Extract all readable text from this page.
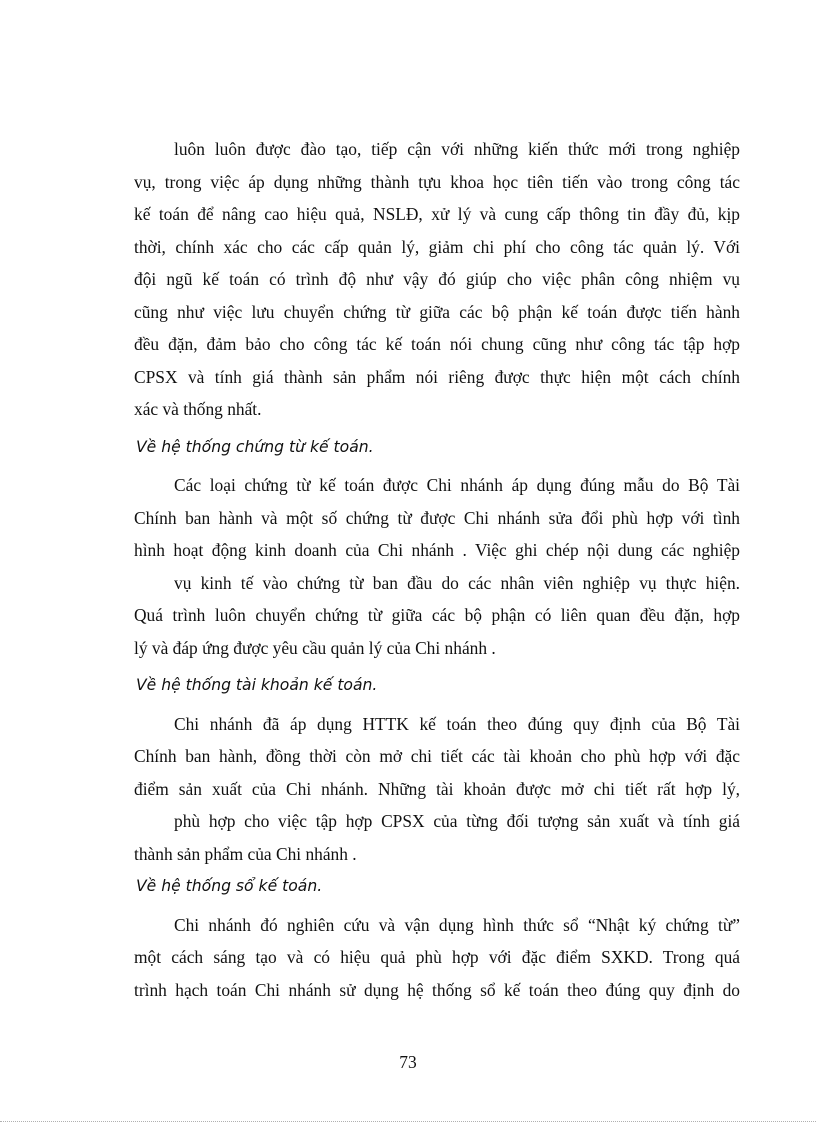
luôn luôn được đào tạo, tiếp cận với những kiến thức mới trong nghiệp
vụ, trong việc áp dụng những thành tựu khoa học tiên tiến vào trong công tác
kế toán để nâng cao hiệu quả, NSLĐ, xử lý và cung cấp thông tin đầy đủ, kịp
thời, chính xác cho các cấp quản lý, giảm chi phí cho công tác quản lý. Với
đội ngũ kế toán có trình độ như vậy đó giúp cho việc phân công nhiệm vụ
cũng như việc lưu chuyển chứng từ giữa các bộ phận kế toán được tiến hành
đều đặn, đảm bảo cho công tác kế toán nói chung cũng như công tác tập hợp
CPSX và tính giá thành sản phẩm nói riêng được thực hiện một cách chính
xác và thống nhất.
Về hệ thống chứng từ kế toán.
Các loại chứng từ kế toán được Chi nhánh áp dụng đúng mẫu do Bộ Tài
Chính ban hành và một số chứng từ được Chi nhánh sửa đổi phù hợp với tình
hình hoạt động kinh doanh của Chi nhánh . Việc ghi chép nội dung các nghiệp
vụ kinh tế vào chứng từ ban đầu do các nhân viên nghiệp vụ thực hiện.
Quá trình luôn chuyển chứng từ giữa các bộ phận có liên quan đều đặn, hợp
lý và đáp ứng được yêu cầu quản lý của Chi nhánh .
Về hệ thống tài khoản kế toán.
Chi nhánh đã áp dụng HTTK kế toán theo đúng quy định của Bộ Tài
Chính ban hành, đồng thời còn mở chi tiết các tài khoản cho phù hợp với đặc
điểm sản xuất của Chi nhánh. Những tài khoản được mở chi tiết rất hợp lý,
phù hợp cho việc tập hợp CPSX của từng đối tượng sản xuất và tính giá
thành sản phẩm của Chi nhánh .
Về hệ thống sổ kế toán.
Chi nhánh đó nghiên cứu và vận dụng hình thức sổ “Nhật ký chứng từ”
một cách sáng tạo và có hiệu quả phù hợp với đặc điểm SXKD. Trong quá
trình hạch toán Chi nhánh sử dụng hệ thống sổ kế toán theo đúng quy định do
73
